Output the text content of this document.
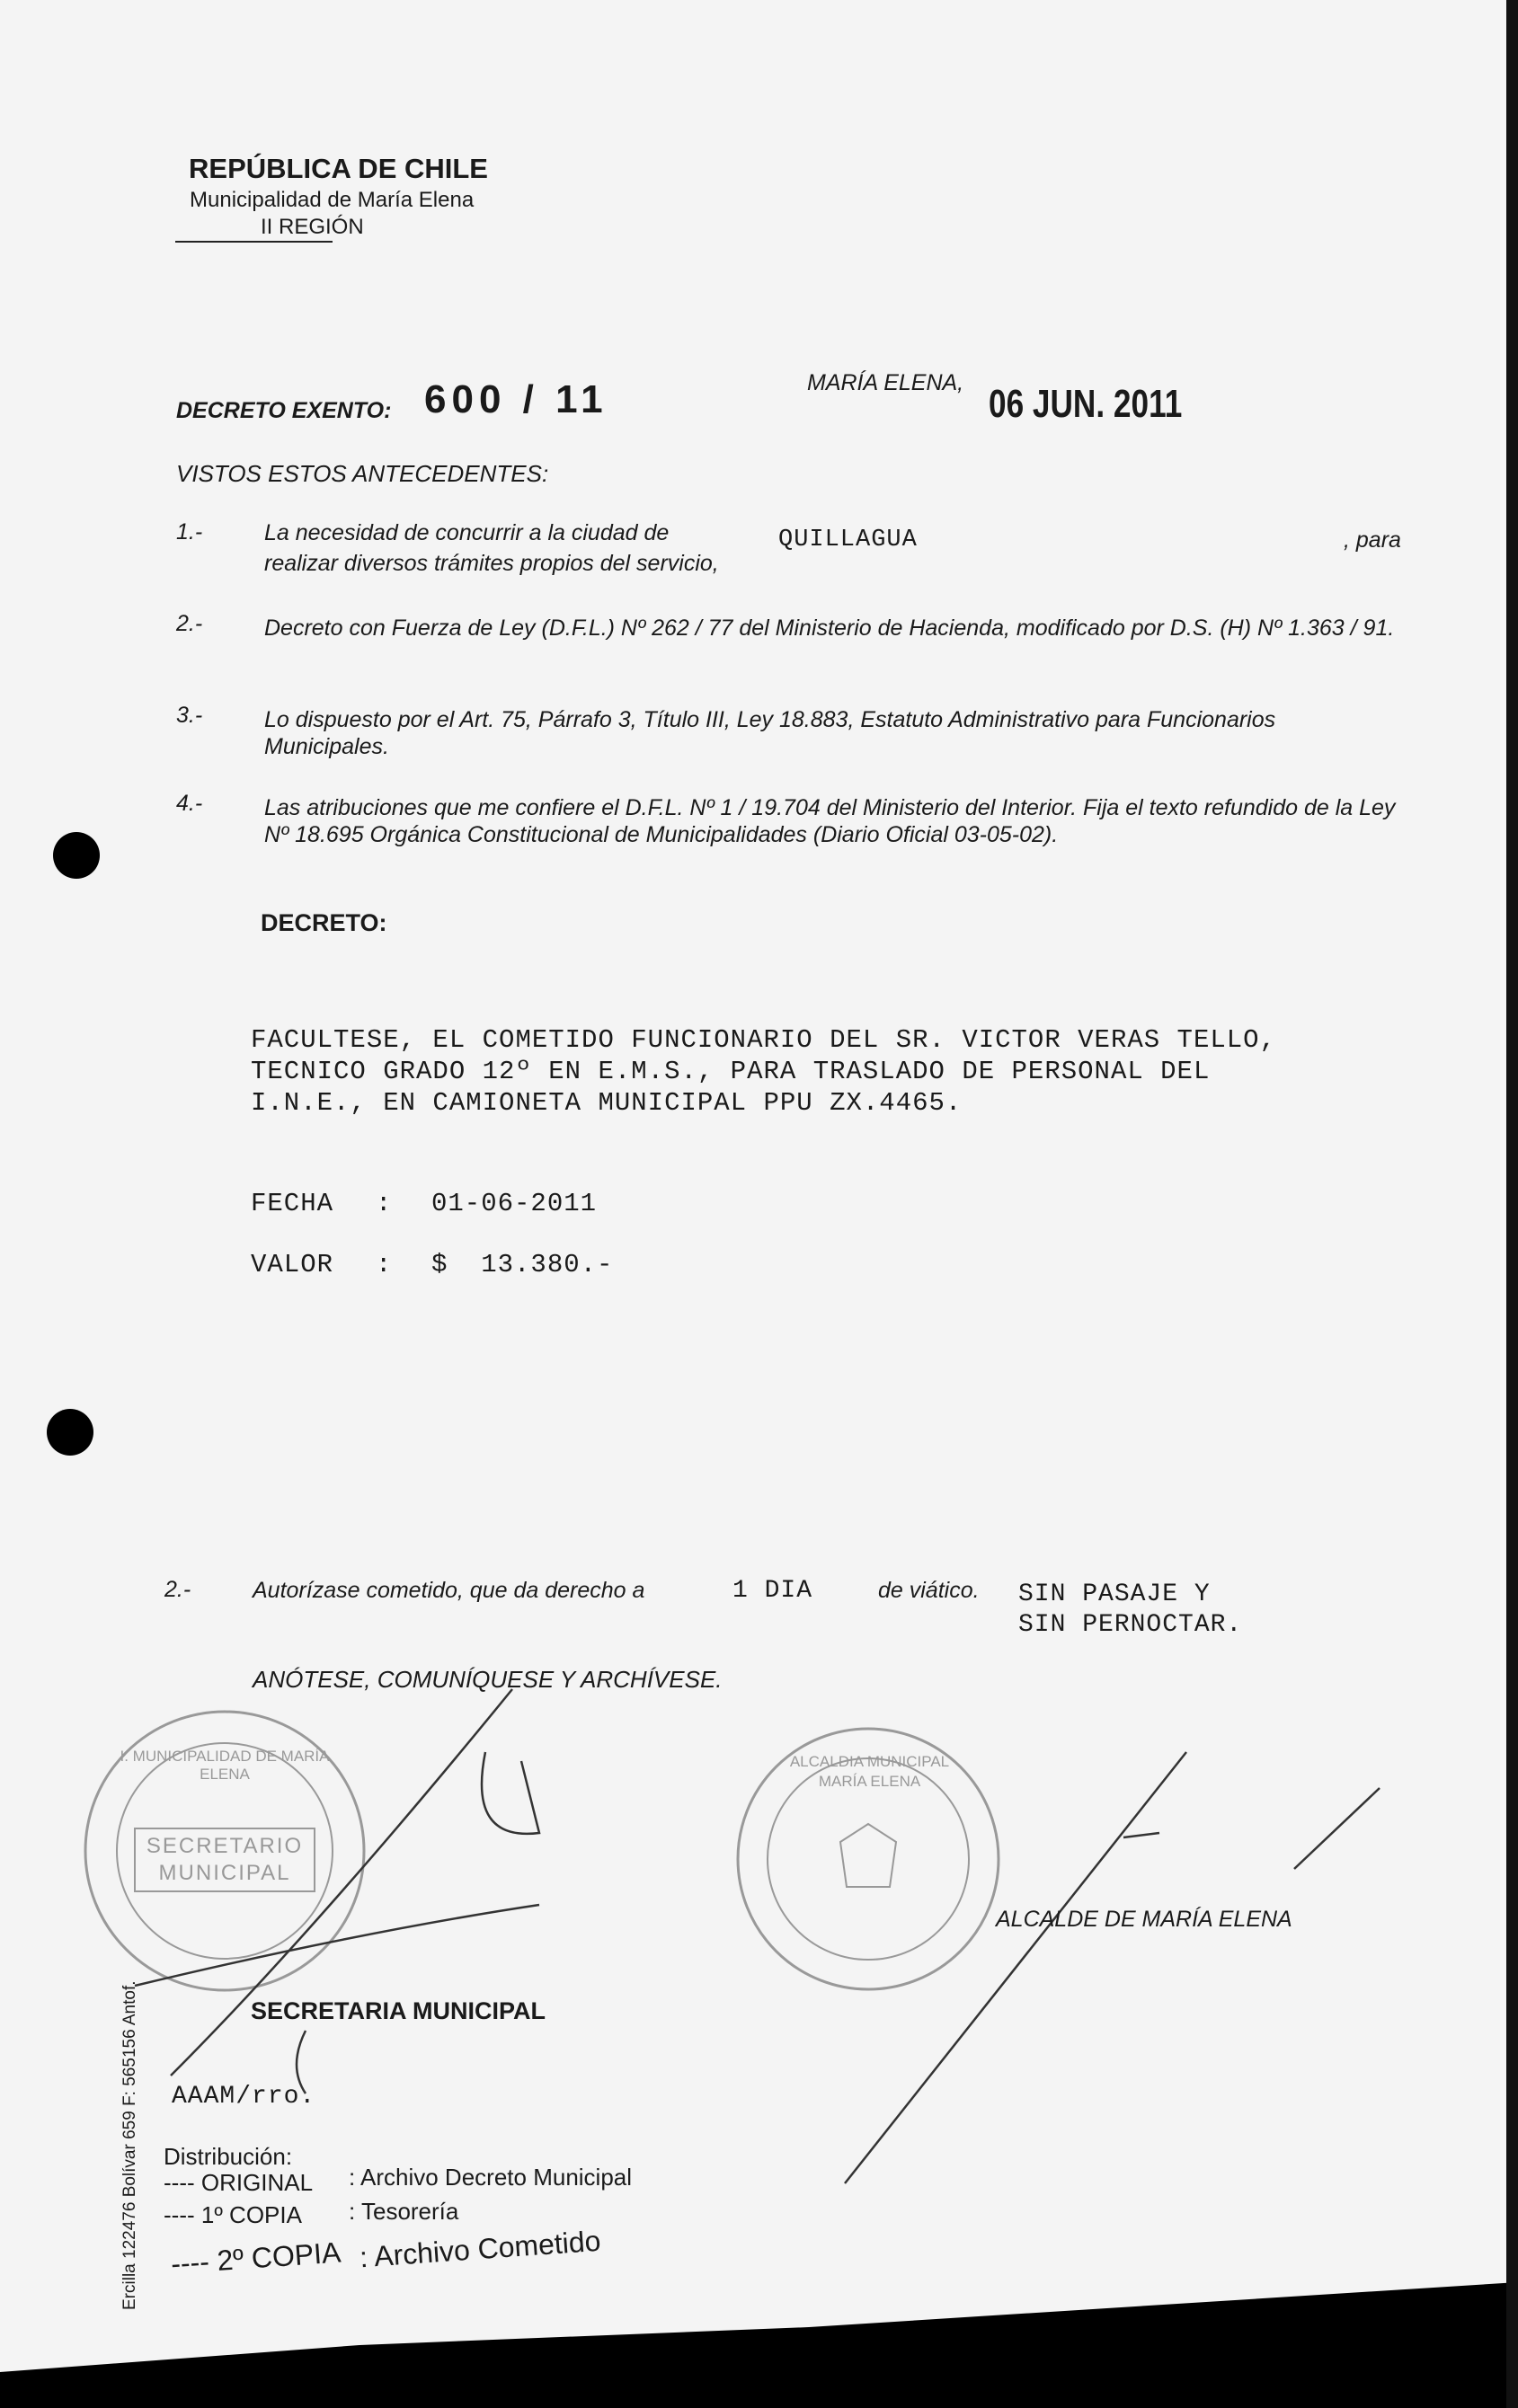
REPÚBLICA DE CHILE
Municipalidad de María Elena
II REGIÓN
DECRETO EXENTO: 600 / 11	MARÍA ELENA, 06 JUN. 2011
VISTOS ESTOS ANTECEDENTES:
1.-	La necesidad de concurrir a la ciudad de	QUILLAGUA	, para
realizar diversos trámites propios del servicio,
2.-	Decreto con Fuerza de Ley (D.F.L.) Nº 262 / 77 del Ministerio de Hacienda, modificado por D.S. (H) Nº 1.363 / 91.
3.-	Lo dispuesto por el Art. 75, Párrafo 3, Título III, Ley 18.883, Estatuto Administrativo para Funcionarios Municipales.
4.-	Las atribuciones que me confiere el D.F.L. Nº 1 / 19.704 del Ministerio del Interior. Fija el texto refundido de la Ley Nº 18.695 Orgánica Constitucional de Municipalidades (Diario Oficial 03-05-02).
DECRETO:
FACULTESE, EL COMETIDO FUNCIONARIO DEL SR. VICTOR VERAS TELLO,
TECNICO GRADO 12º EN E.M.S., PARA TRASLADO DE PERSONAL DEL
I.N.E., EN CAMIONETA MUNICIPAL PPU ZX.4465.
FECHA : 01-06-2011
VALOR : $  13.380.-
2.-	Autorízase cometido, que da derecho a	1 DIA	de viático. SIN PASAJE Y
SIN PERNOCTAR.
ANÓTESE, COMUNÍQUESE Y ARCHÍVESE.
I. MUNICIPALIDAD DE MARÍA ELENA
SECRETARIO MUNICIPAL
ALCALDIA MUNICIPAL MARÍA ELENA
ALCALDE DE MARÍA ELENA
SECRETARIA MUNICIPAL
AAAM/rro.
Distribución:
---- ORIGINAL : Archivo Decreto Municipal
---- 1º COPIA : Tesorería
---- 2º COPIA : Archivo Cometido
Ercilla 122476 Bolívar 659 F: 565156 Antof.
